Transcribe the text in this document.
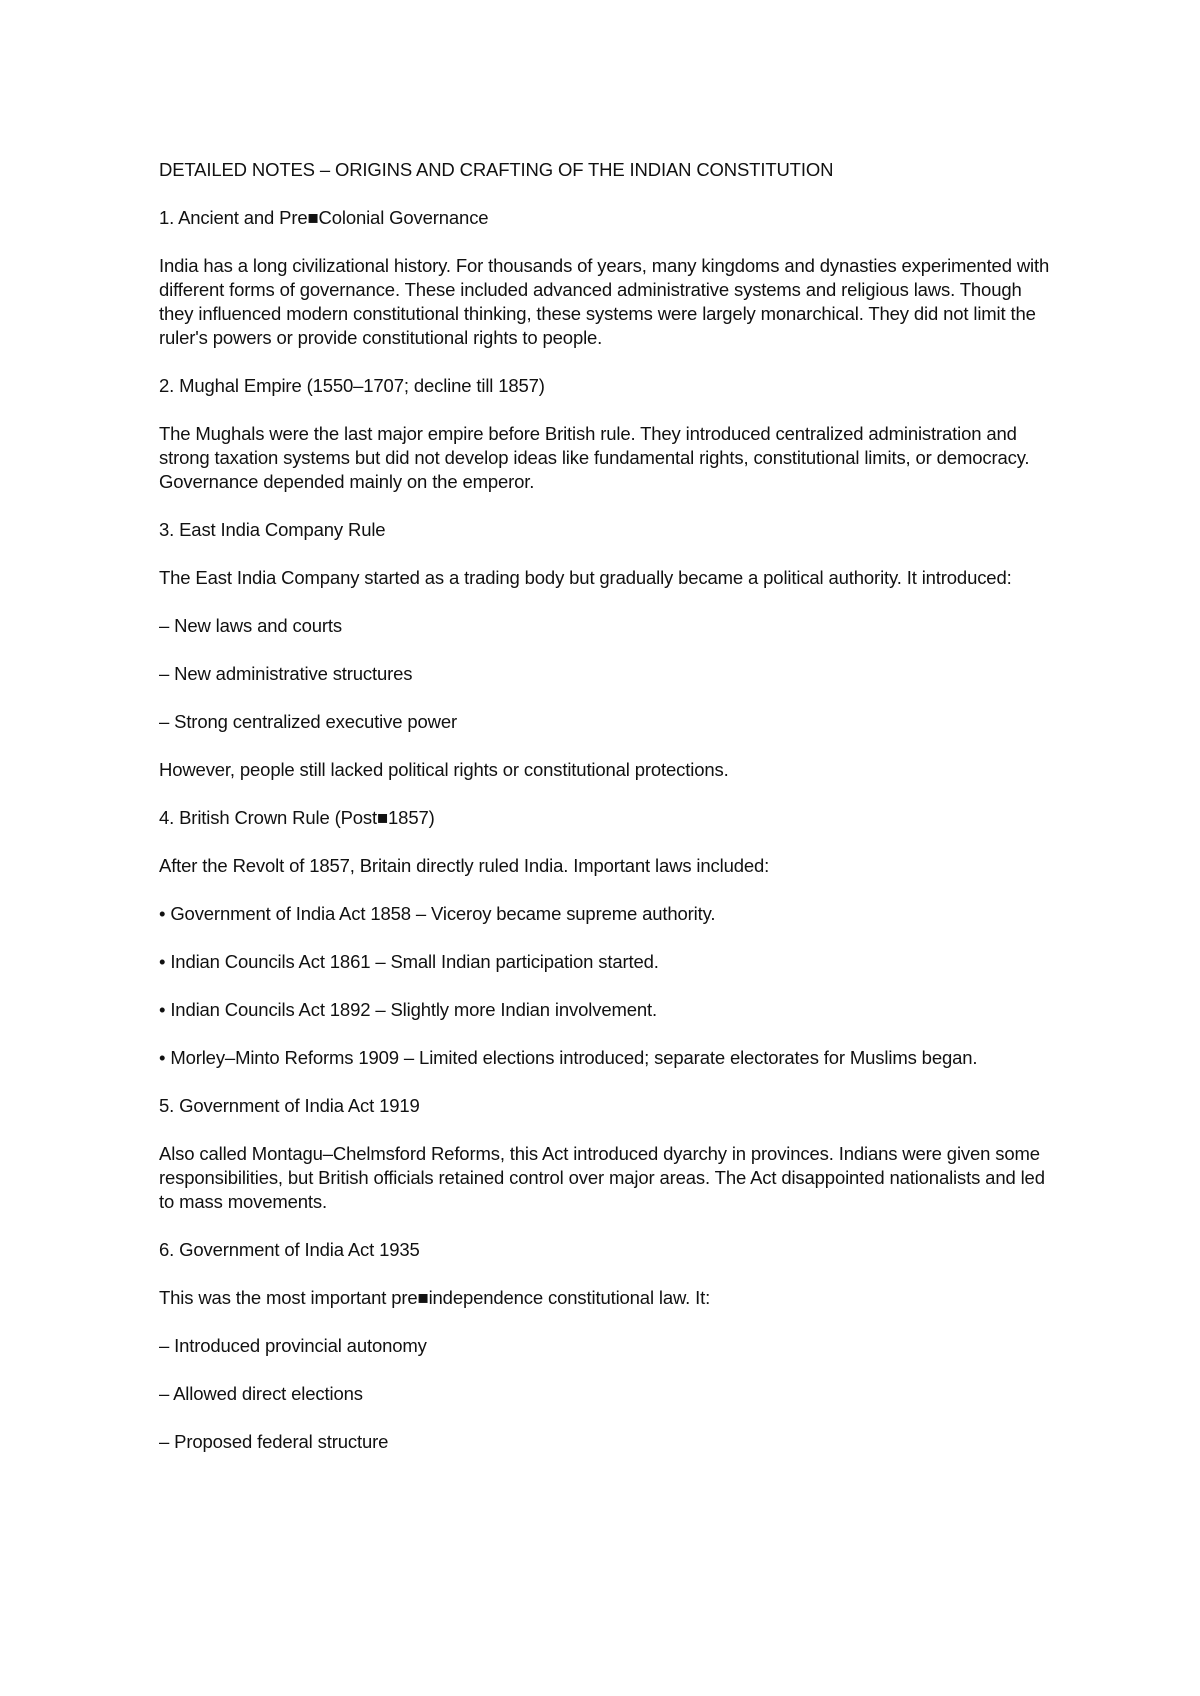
DETAILED NOTES – ORIGINS AND CRAFTING OF THE INDIAN CONSTITUTION

1. Ancient and Pre■Colonial Governance

India has a long civilizational history. For thousands of years, many kingdoms and dynasties experimented with different forms of governance. These included advanced administrative systems and religious laws. Though they influenced modern constitutional thinking, these systems were largely monarchical. They did not limit the ruler's powers or provide constitutional rights to people.

2. Mughal Empire (1550–1707; decline till 1857)

The Mughals were the last major empire before British rule. They introduced centralized administration and strong taxation systems but did not develop ideas like fundamental rights, constitutional limits, or democracy. Governance depended mainly on the emperor.

3. East India Company Rule

The East India Company started as a trading body but gradually became a political authority. It introduced:

– New laws and courts

– New administrative structures

– Strong centralized executive power

However, people still lacked political rights or constitutional protections.

4. British Crown Rule (Post■1857)

After the Revolt of 1857, Britain directly ruled India. Important laws included:

• Government of India Act 1858 – Viceroy became supreme authority.

• Indian Councils Act 1861 – Small Indian participation started.

• Indian Councils Act 1892 – Slightly more Indian involvement.

• Morley–Minto Reforms 1909 – Limited elections introduced; separate electorates for Muslims began.

5. Government of India Act 1919

Also called Montagu–Chelmsford Reforms, this Act introduced dyarchy in provinces. Indians were given some responsibilities, but British officials retained control over major areas. The Act disappointed nationalists and led to mass movements.

6. Government of India Act 1935

This was the most important pre■independence constitutional law. It:

– Introduced provincial autonomy

– Allowed direct elections

– Proposed federal structure
